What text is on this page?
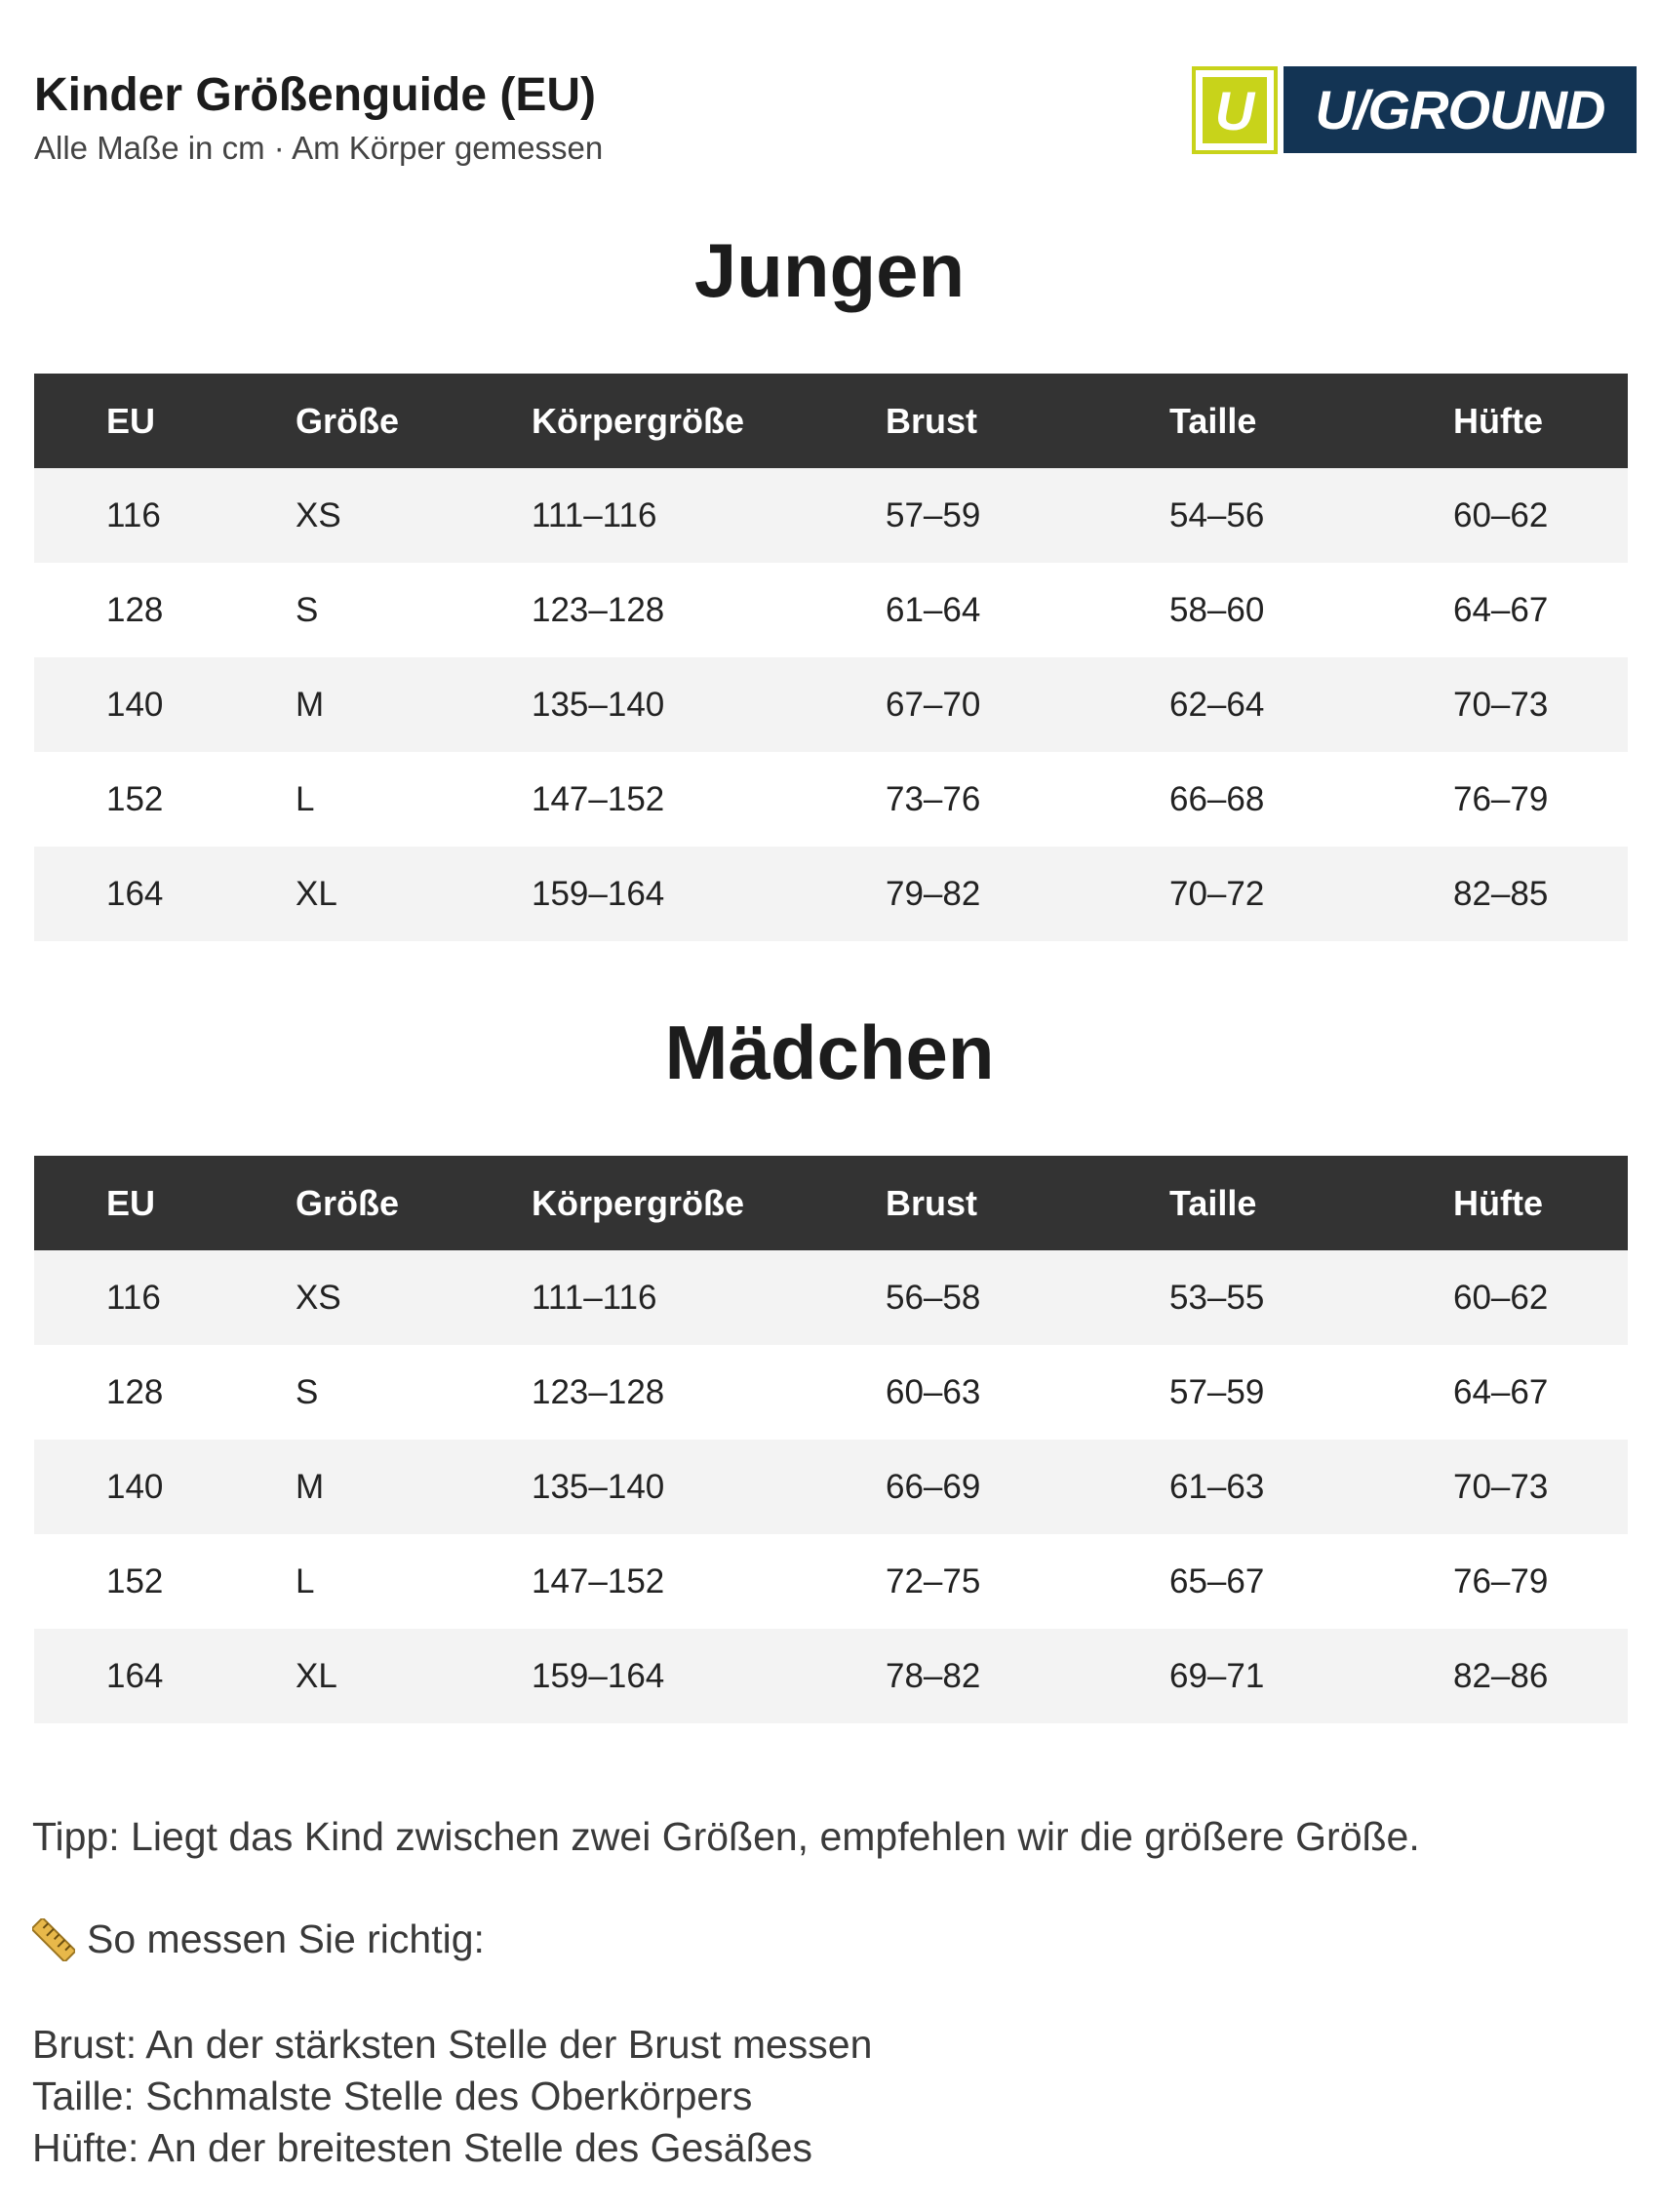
Kinder Größenguide (EU)
Alle Maße in cm · Am Körper gemessen
U	U/GROUND
Jungen
EU	Größe	Körpergröße	Brust	Taille	Hüfte
116	XS	111–116	57–59	54–56	60–62
128	S	123–128	61–64	58–60	64–67
140	M	135–140	67–70	62–64	70–73
152	L	147–152	73–76	66–68	76–79
164	XL	159–164	79–82	70–72	82–85
Mädchen
EU	Größe	Körpergröße	Brust	Taille	Hüfte
116	XS	111–116	56–58	53–55	60–62
128	S	123–128	60–63	57–59	64–67
140	M	135–140	66–69	61–63	70–73
152	L	147–152	72–75	65–67	76–79
164	XL	159–164	78–82	69–71	82–86
Tipp: Liegt das Kind zwischen zwei Größen, empfehlen wir die größere Größe.
So messen Sie richtig:
Brust: An der stärksten Stelle der Brust messen
Taille: Schmalste Stelle des Oberkörpers
Hüfte: An der breitesten Stelle des Gesäßes
